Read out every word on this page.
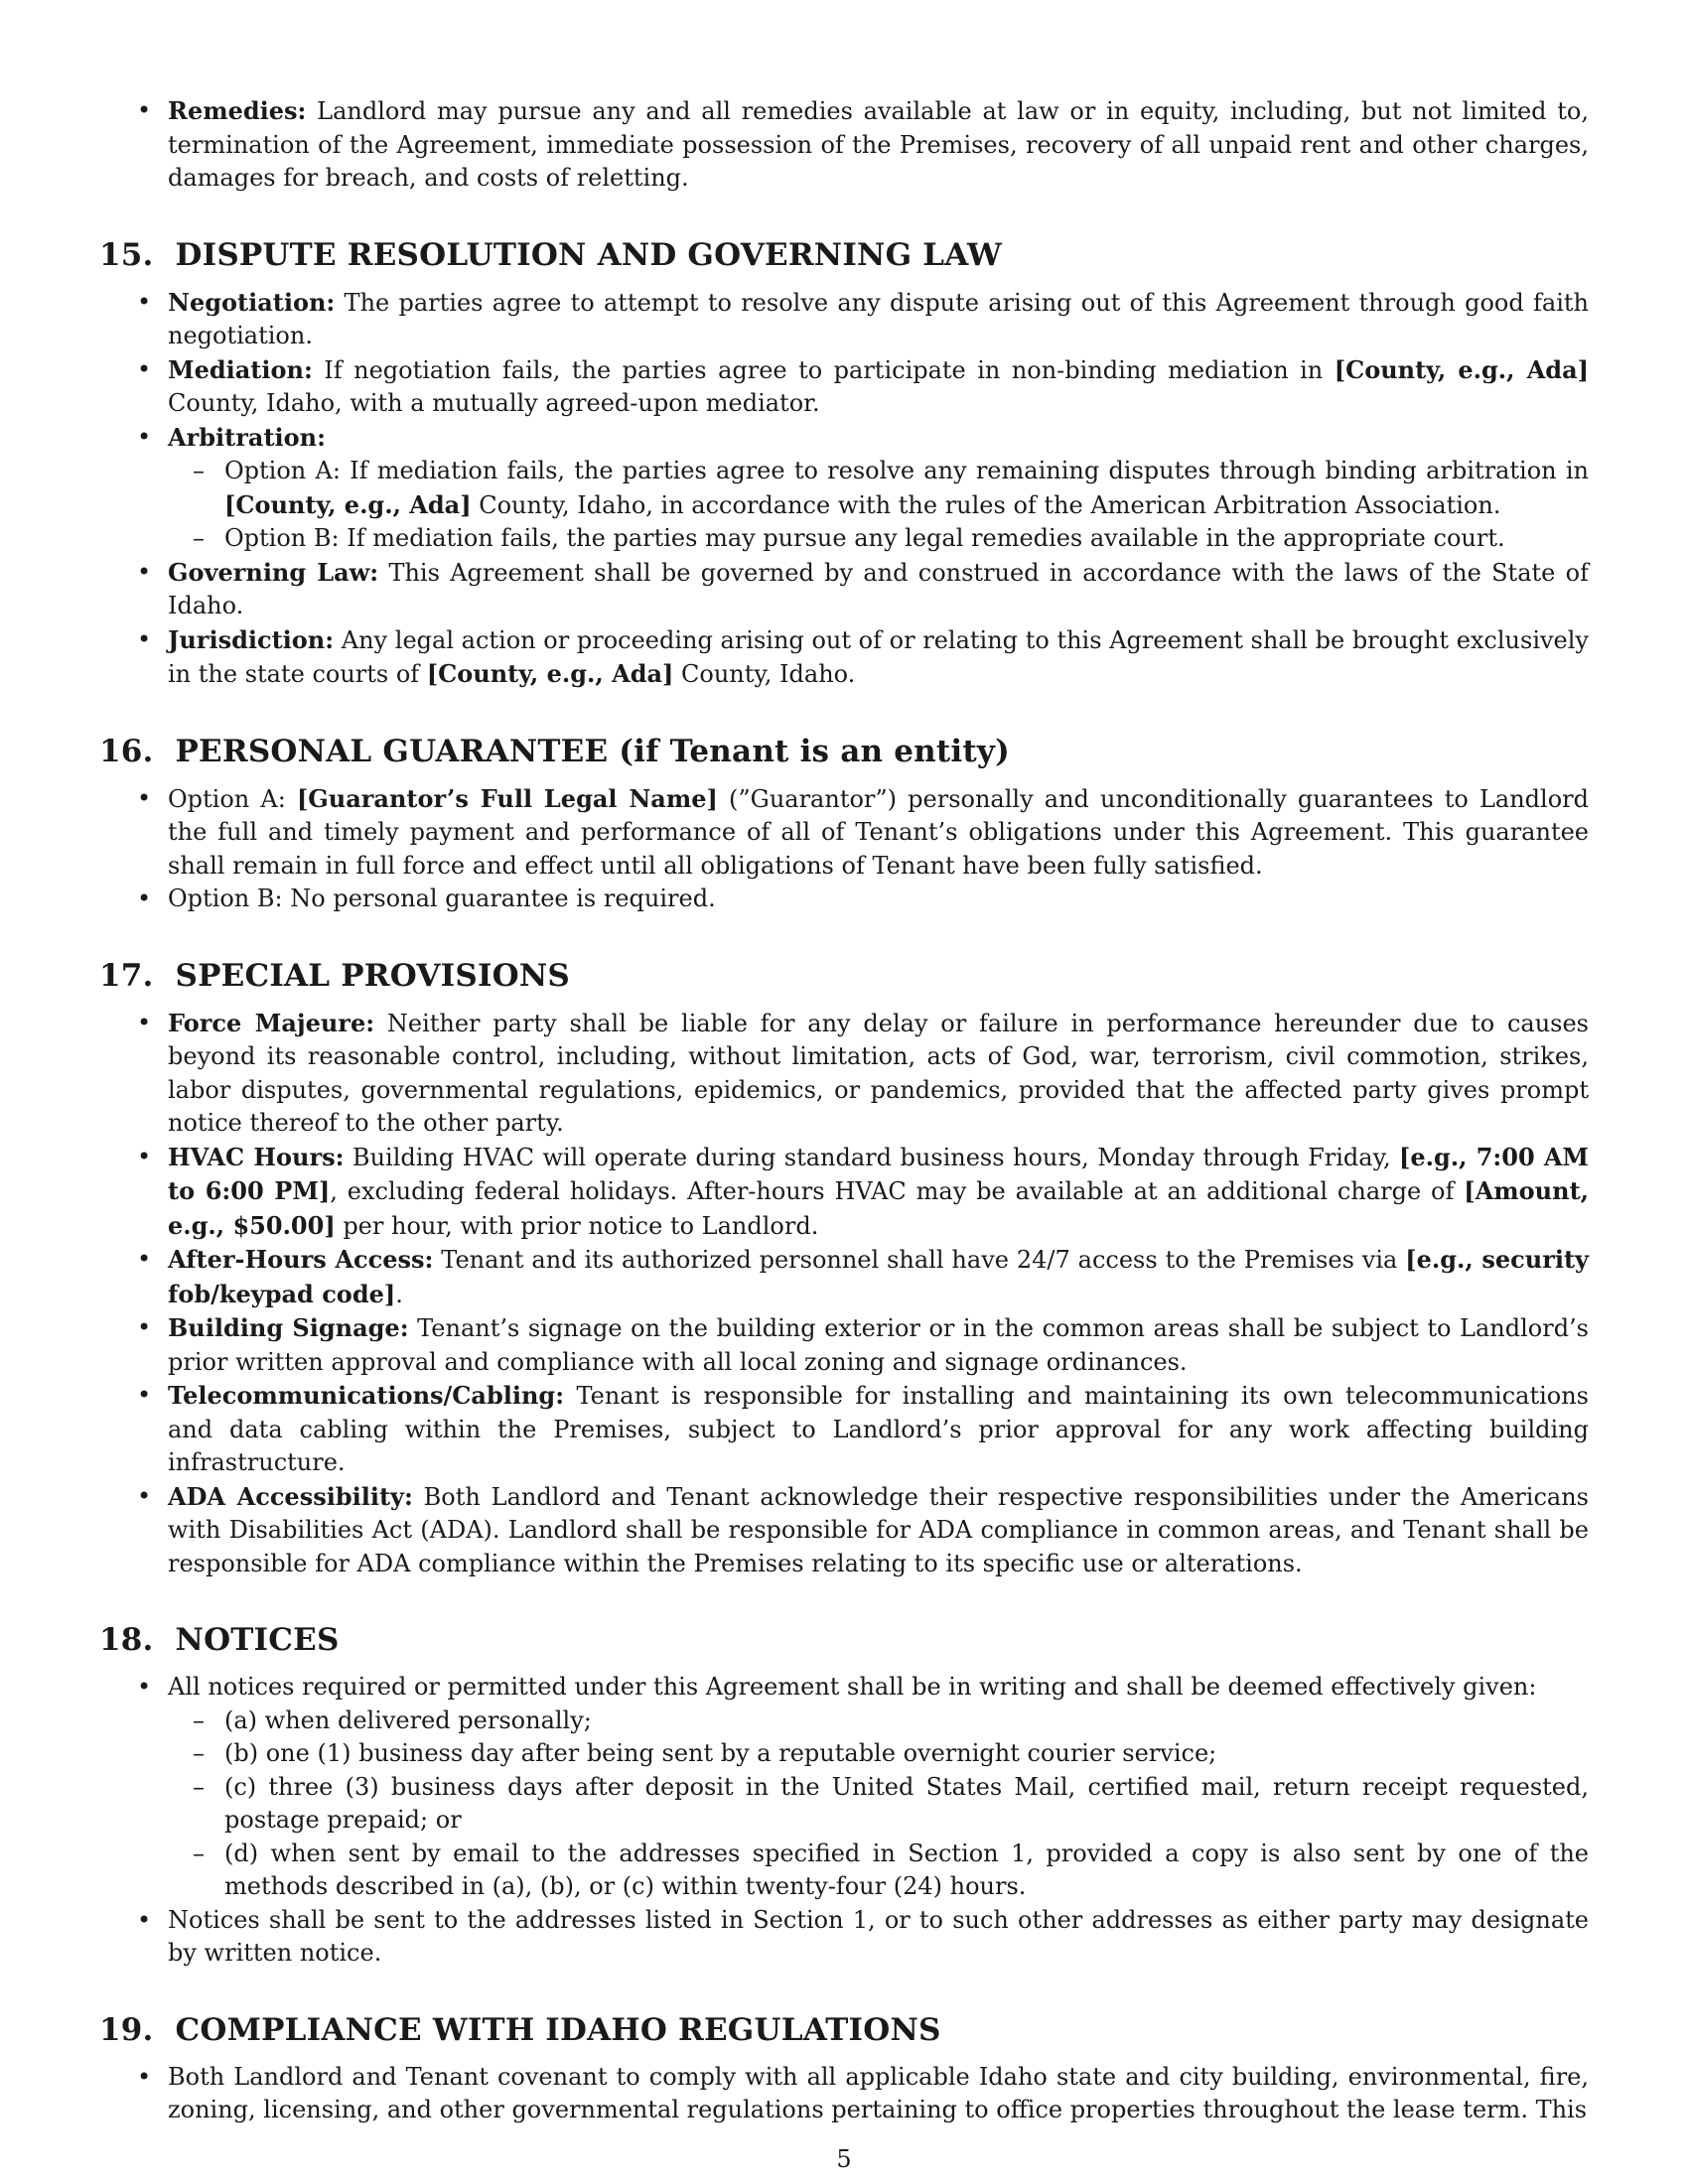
• Remedies: Landlord may pursue any and all remedies available at law or in equity, including, but not limited to, termination of the Agreement, immediate possession of the Premises, recovery of all unpaid rent and other charges, damages for breach, and costs of reletting.
15. DISPUTE RESOLUTION AND GOVERNING LAW
• Negotiation: The parties agree to attempt to resolve any dispute arising out of this Agreement through good faith negotiation.
• Mediation: If negotiation fails, the parties agree to participate in non-binding mediation in [County, e.g., Ada] County, Idaho, with a mutually agreed-upon mediator.
• Arbitration:
– Option A: If mediation fails, the parties agree to resolve any remaining disputes through binding arbitration in [County, e.g., Ada] County, Idaho, in accordance with the rules of the American Arbitration Association.
– Option B: If mediation fails, the parties may pursue any legal remedies available in the appropriate court.
• Governing Law: This Agreement shall be governed by and construed in accordance with the laws of the State of Idaho.
• Jurisdiction: Any legal action or proceeding arising out of or relating to this Agreement shall be brought exclusively in the state courts of [County, e.g., Ada] County, Idaho.
16. PERSONAL GUARANTEE (if Tenant is an entity)
• Option A: [Guarantor’s Full Legal Name] (”Guarantor”) personally and unconditionally guarantees to Landlord the full and timely payment and performance of all of Tenant’s obligations under this Agreement. This guarantee shall remain in full force and effect until all obligations of Tenant have been fully satisfied.
• Option B: No personal guarantee is required.
17. SPECIAL PROVISIONS
• Force Majeure: Neither party shall be liable for any delay or failure in performance hereunder due to causes beyond its reasonable control, including, without limitation, acts of God, war, terrorism, civil commotion, strikes, labor disputes, governmental regulations, epidemics, or pandemics, provided that the affected party gives prompt notice thereof to the other party.
• HVAC Hours: Building HVAC will operate during standard business hours, Monday through Friday, [e.g., 7:00 AM to 6:00 PM], excluding federal holidays. After-hours HVAC may be available at an additional charge of [Amount, e.g., $50.00] per hour, with prior notice to Landlord.
• After-Hours Access: Tenant and its authorized personnel shall have 24/7 access to the Premises via [e.g., security fob/keypad code].
• Building Signage: Tenant’s signage on the building exterior or in the common areas shall be subject to Landlord’s prior written approval and compliance with all local zoning and signage ordinances.
• Telecommunications/Cabling: Tenant is responsible for installing and maintaining its own telecommunications and data cabling within the Premises, subject to Landlord’s prior approval for any work affecting building infrastructure.
• ADA Accessibility: Both Landlord and Tenant acknowledge their respective responsibilities under the Americans with Disabilities Act (ADA). Landlord shall be responsible for ADA compliance in common areas, and Tenant shall be responsible for ADA compliance within the Premises relating to its specific use or alterations.
18. NOTICES
• All notices required or permitted under this Agreement shall be in writing and shall be deemed effectively given:
– (a) when delivered personally;
– (b) one (1) business day after being sent by a reputable overnight courier service;
– (c) three (3) business days after deposit in the United States Mail, certified mail, return receipt requested, postage prepaid; or
– (d) when sent by email to the addresses specified in Section 1, provided a copy is also sent by one of the methods described in (a), (b), or (c) within twenty-four (24) hours.
• Notices shall be sent to the addresses listed in Section 1, or to such other addresses as either party may designate by written notice.
19. COMPLIANCE WITH IDAHO REGULATIONS
• Both Landlord and Tenant covenant to comply with all applicable Idaho state and city building, environmental, fire, zoning, licensing, and other governmental regulations pertaining to office properties throughout the lease term. This
5
